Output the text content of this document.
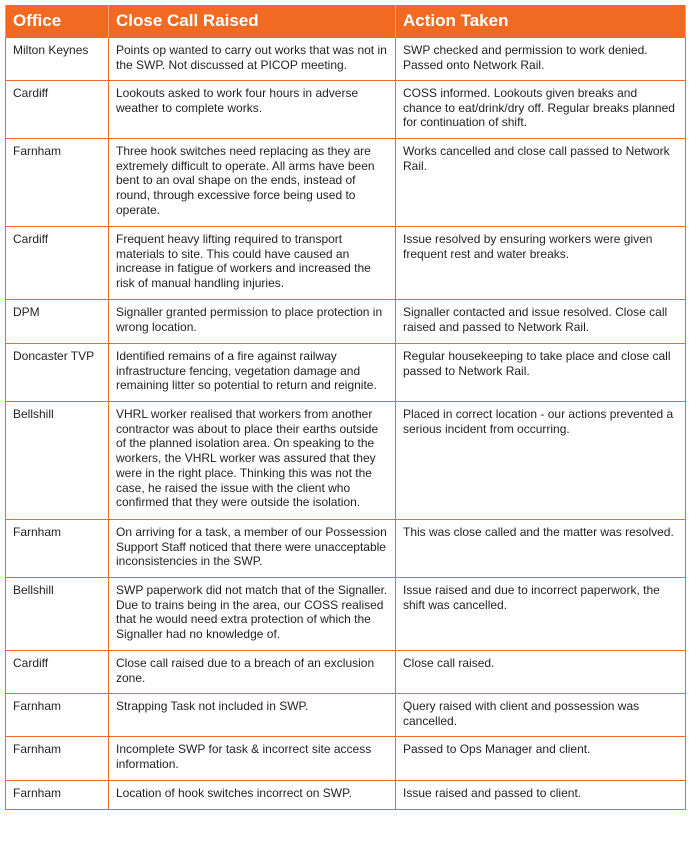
Office	Close Call Raised	Action Taken
Milton Keynes	Points op wanted to carry out works that was not in the SWP. Not discussed at PICOP meeting.	SWP checked and permission to work denied. Passed onto Network Rail.
Cardiff	Lookouts asked to work four hours in adverse weather to complete works.	COSS informed. Lookouts given breaks and chance to eat/drink/dry off. Regular breaks planned for continuation of shift.
Farnham	Three hook switches need replacing as they are extremely difficult to operate. All arms have been bent to an oval shape on the ends, instead of round, through excessive force being used to operate.	Works cancelled and close call passed to Network Rail.
Cardiff	Frequent heavy lifting required to transport materials to site. This could have caused an increase in fatigue of workers and increased the risk of manual handling injuries.	Issue resolved by ensuring workers were given frequent rest and water breaks.
DPM	Signaller granted permission to place protection in wrong location.	Signaller contacted and issue resolved. Close call raised and passed to Network Rail.
Doncaster TVP	Identified remains of a fire against railway infrastructure fencing, vegetation damage and remaining litter so potential to return and reignite.	Regular housekeeping to take place and close call passed to Network Rail.
Bellshill	VHRL worker realised that workers from another contractor was about to place their earths outside of the planned isolation area. On speaking to the workers, the VHRL worker was assured that they were in the right place. Thinking this was not the case, he raised the issue with the client who confirmed that they were outside the isolation.	Placed in correct location - our actions prevented a serious incident from occurring.
Farnham	On arriving for a task, a member of our Possession Support Staff noticed that there were unacceptable inconsistencies in the SWP.	This was close called and the matter was resolved.
Bellshill	SWP paperwork did not match that of the Signaller. Due to trains being in the area, our COSS realised that he would need extra protection of which the Signaller had no knowledge of.	Issue raised and due to incorrect paperwork, the shift was cancelled.
Cardiff	Close call raised due to a breach of an exclusion zone.	Close call raised.
Farnham	Strapping Task not included in SWP.	Query raised with client and possession was cancelled.
Farnham	Incomplete SWP for task & incorrect site access information.	Passed to Ops Manager and client.
Farnham	Location of hook switches incorrect on SWP.	Issue raised and passed to client.
